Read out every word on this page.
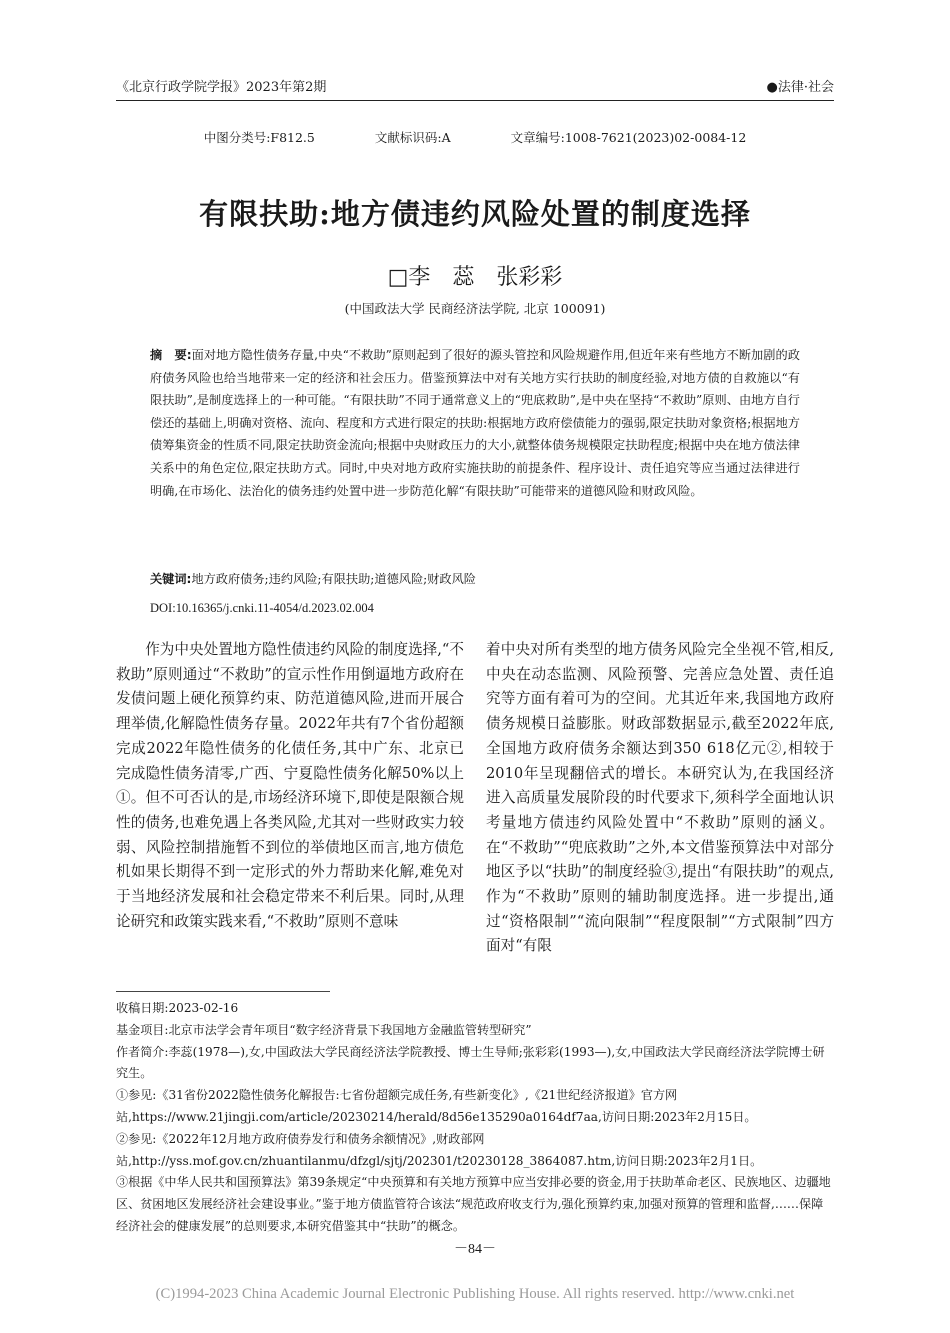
《北京行政学院学报》2023年第2期	●法律·社会
中图分类号:F812.5	文献标识码:A	文章编号:1008-7621(2023)02-0084-12
有限扶助:地方债违约风险处置的制度选择
□李　蕊　张彩彩
(中国政法大学 民商经济法学院, 北京 100091)
摘　要:面对地方隐性债务存量,中央“不救助”原则起到了很好的源头管控和风险规避作用,但近年来有些地方不断加剧的政府债务风险也给当地带来一定的经济和社会压力。借鉴预算法中对有关地方实行扶助的制度经验,对地方债的自救施以“有限扶助”,是制度选择上的一种可能。“有限扶助”不同于通常意义上的“兜底救助”,是中央在坚持“不救助”原则、由地方自行偿还的基础上,明确对资格、流向、程度和方式进行限定的扶助:根据地方政府偿债能力的强弱,限定扶助对象资格;根据地方债筹集资金的性质不同,限定扶助资金流向;根据中央财政压力的大小,就整体债务规模限定扶助程度;根据中央在地方债法律关系中的角色定位,限定扶助方式。同时,中央对地方政府实施扶助的前提条件、程序设计、责任追究等应当通过法律进行明确,在市场化、法治化的债务违约处置中进一步防范化解“有限扶助”可能带来的道德风险和财政风险。
关键词:地方政府债务;违约风险;有限扶助;道德风险;财政风险
DOI:10.16365/j.cnki.11-4054/d.2023.02.004

作为中央处置地方隐性债违约风险的制度选择,“不救助”原则通过“不救助”的宣示性作用倒逼地方政府在发债问题上硬化预算约束、防范道德风险,进而开展合理举债,化解隐性债务存量。2022年共有7个省份超额完成2022年隐性债务的化债任务,其中广东、北京已完成隐性债务清零,广西、宁夏隐性债务化解50%以上①。但不可否认的是,市场经济环境下,即使是限额合规性的债务,也难免遇上各类风险,尤其对一些财政实力较弱、风险控制措施暂不到位的举债地区而言,地方债危机如果长期得不到一定形式的外力帮助来化解,难免对于当地经济发展和社会稳定带来不利后果。同时,从理论研究和政策实践来看,“不救助”原则不意味

着中央对所有类型的地方债务风险完全坐视不管,相反,中央在动态监测、风险预警、完善应急处置、责任追究等方面有着可为的空间。尤其近年来,我国地方政府债务规模日益膨胀。财政部数据显示,截至2022年底,全国地方政府债务余额达到350 618亿元②,相较于2010年呈现翻倍式的增长。本研究认为,在我国经济进入高质量发展阶段的时代要求下,须科学全面地认识考量地方债违约风险处置中“不救助”原则的涵义。在“不救助”“兜底救助”之外,本文借鉴预算法中对部分地区予以“扶助”的制度经验③,提出“有限扶助”的观点,作为“不救助”原则的辅助制度选择。进一步提出,通过“资格限制”“流向限制”“程度限制”“方式限制”四方面对“有限

收稿日期:2023-02-16
基金项目:北京市法学会青年项目“数字经济背景下我国地方金融监管转型研究”
作者简介:李蕊(1978—),女,中国政法大学民商经济法学院教授、博士生导师;张彩彩(1993—),女,中国政法大学民商经济法学院博士研究生。
①参见:《31省份2022隐性债务化解报告:七省份超额完成任务,有些新变化》,《21世纪经济报道》官方网站,https://www.21jingji.com/article/20230214/herald/8d56e135290a0164df7aa,访问日期:2023年2月15日。
②参见:《2022年12月地方政府债券发行和债务余额情况》,财政部网站,http://yss.mof.gov.cn/zhuantilanmu/dfzgl/sjtj/202301/t20230128_3864087.htm,访问日期:2023年2月1日。
③根据《中华人民共和国预算法》第39条规定“中央预算和有关地方预算中应当安排必要的资金,用于扶助革命老区、民族地区、边疆地区、贫困地区发展经济社会建设事业。”鉴于地方债监管符合该法“规范政府收支行为,强化预算约束,加强对预算的管理和监督,……保障经济社会的健康发展”的总则要求,本研究借鉴其中“扶助”的概念。
－84－
(C)1994-2023 China Academic Journal Electronic Publishing House. All rights reserved. http://www.cnki.net
